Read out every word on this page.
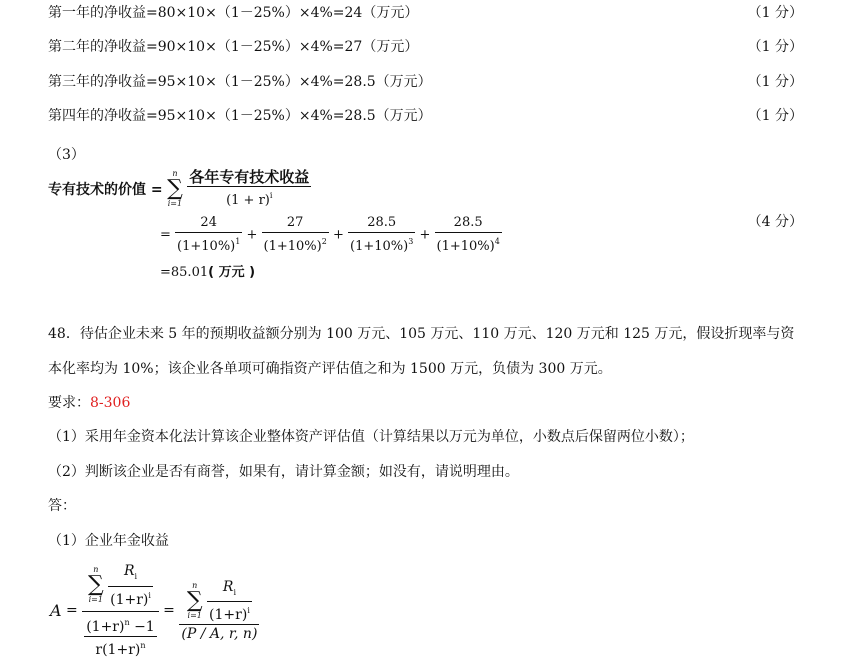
第一年的净收益=80×10×（1－25%）×4%=24（万元）	（1 分）
第二年的净收益=90×10×（1－25%）×4%=27（万元）	（1 分）
第三年的净收益=95×10×（1－25%）×4%=28.5（万元）	（1 分）
第四年的净收益=95×10×（1－25%）×4%=28.5（万元）	（1 分）
（3）
专有技术的价值 =
n
∑
i=1
$\frac{\text{各年专有技术收益}}{(1 + r)^i}$
= $\frac{24}{(1+10\%)^1} + \frac{27}{(1+10\%)^2} + \frac{28.5}{(1+10\%)^3} + \frac{28.5}{(1+10\%)^4}$	（4 分）
=85.01( 万元 )
48．待估企业未来 5 年的预期收益额分别为 100 万元、105 万元、110 万元、120 万元和 125 万元，假设折现率与资
本化率均为 10%；该企业各单项可确指资产评估值之和为 1500 万元，负债为 300 万元。
要求：8-306
（1）采用年金资本化法计算该企业整体资产评估值（计算结果以万元为单位，小数点后保留两位小数）；
（2）判断该企业是否有商誉，如果有，请计算金额；如没有，请说明理由。
答：
（1）企业年金收益
A =
n
∑
i=1
$\frac{R_i}{(1+r)^i}$
$\frac{(1+r)^n -1}{r(1+r)^n}$
=
n
∑
i=1
$\frac{R_i}{(1+r)^i}$
(P / A, r, n)
